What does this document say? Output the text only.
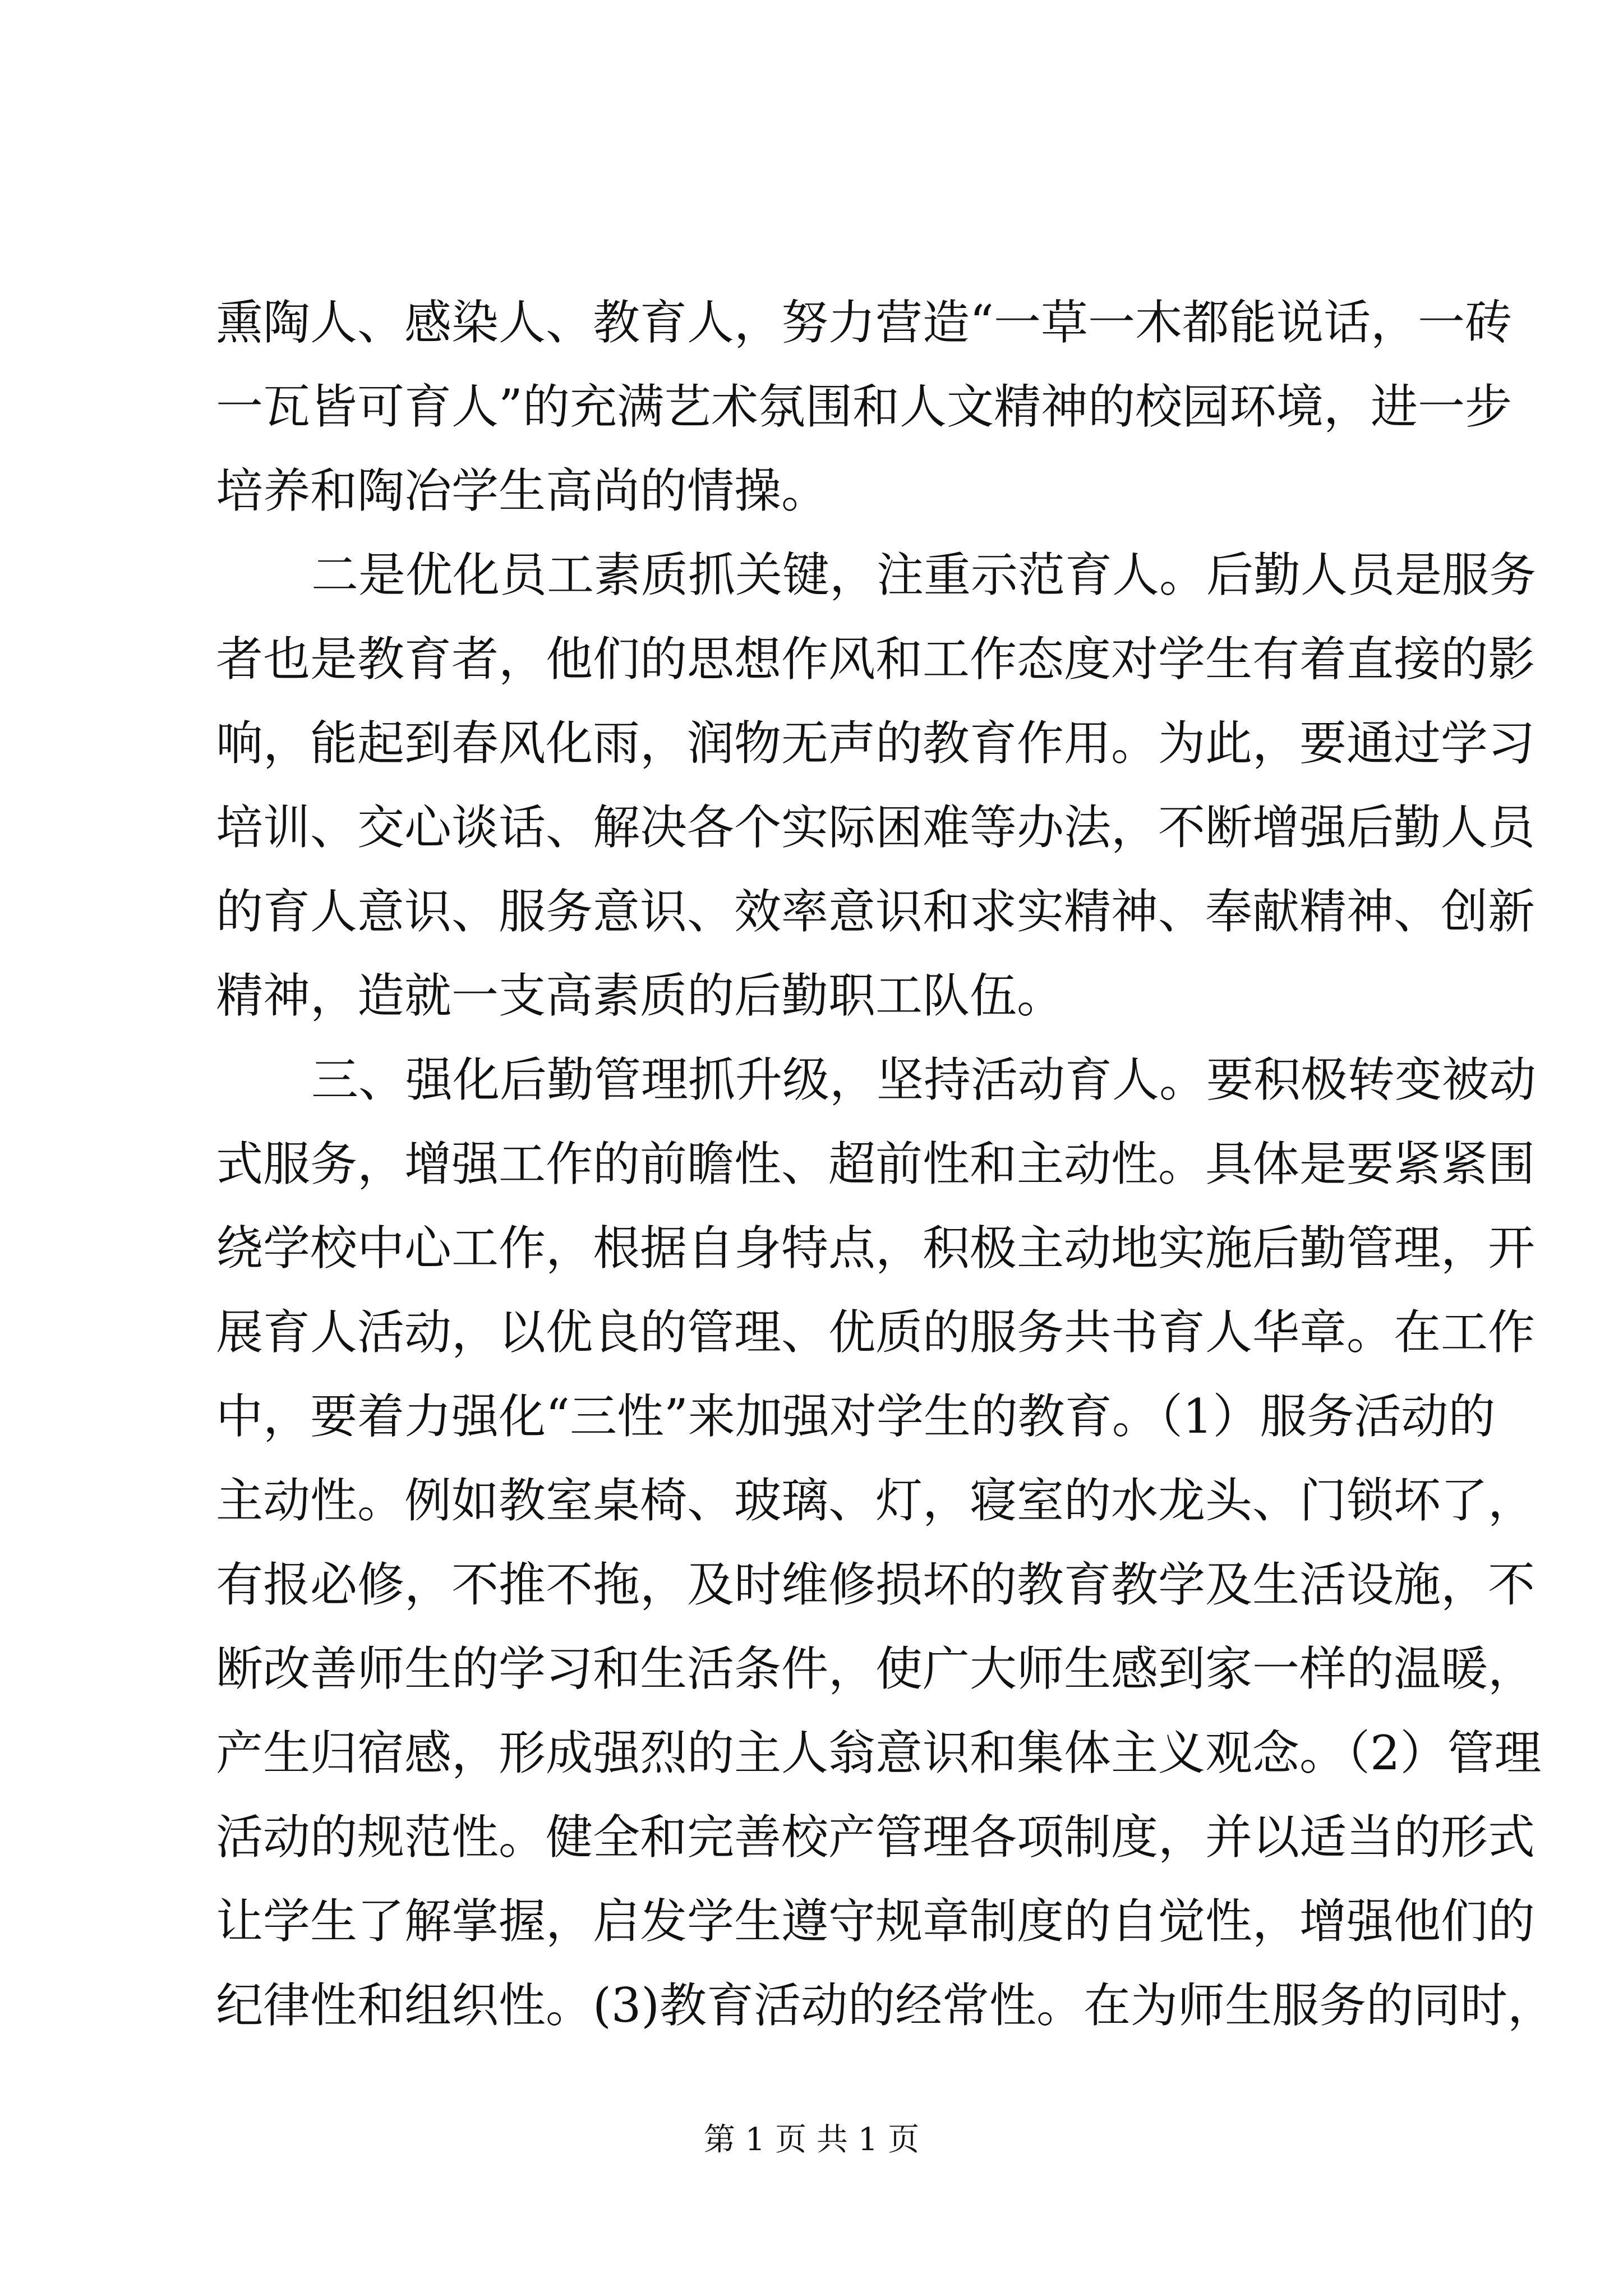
熏陶人、感染人、教育人，努力营造“一草一木都能说话，一砖
一瓦皆可育人”的充满艺术氛围和人文精神的校园环境，进一步
培养和陶冶学生高尚的情操。
二是优化员工素质抓关键，注重示范育人。后勤人员是服务
者也是教育者，他们的思想作风和工作态度对学生有着直接的影
响，能起到春风化雨，润物无声的教育作用。为此，要通过学习
培训、交心谈话、解决各个实际困难等办法，不断增强后勤人员
的育人意识、服务意识、效率意识和求实精神、奉献精神、创新
精神，造就一支高素质的后勤职工队伍。
三、强化后勤管理抓升级，坚持活动育人。要积极转变被动
式服务，增强工作的前瞻性、超前性和主动性。具体是要紧紧围
绕学校中心工作，根据自身特点，积极主动地实施后勤管理，开
展育人活动，以优良的管理、优质的服务共书育人华章。在工作
中，要着力强化“三性”来加强对学生的教育。（1）服务活动的
主动性。例如教室桌椅、玻璃、灯，寝室的水龙头、门锁坏了，
有报必修，不推不拖，及时维修损坏的教育教学及生活设施，不
断改善师生的学习和生活条件，使广大师生感到家一样的温暖，
产生归宿感，形成强烈的主人翁意识和集体主义观念。（2）管理
活动的规范性。健全和完善校产管理各项制度，并以适当的形式
让学生了解掌握，启发学生遵守规章制度的自觉性，增强他们的
纪律性和组织性。(3)教育活动的经常性。在为师生服务的同时，
第 1 页 共 1 页
